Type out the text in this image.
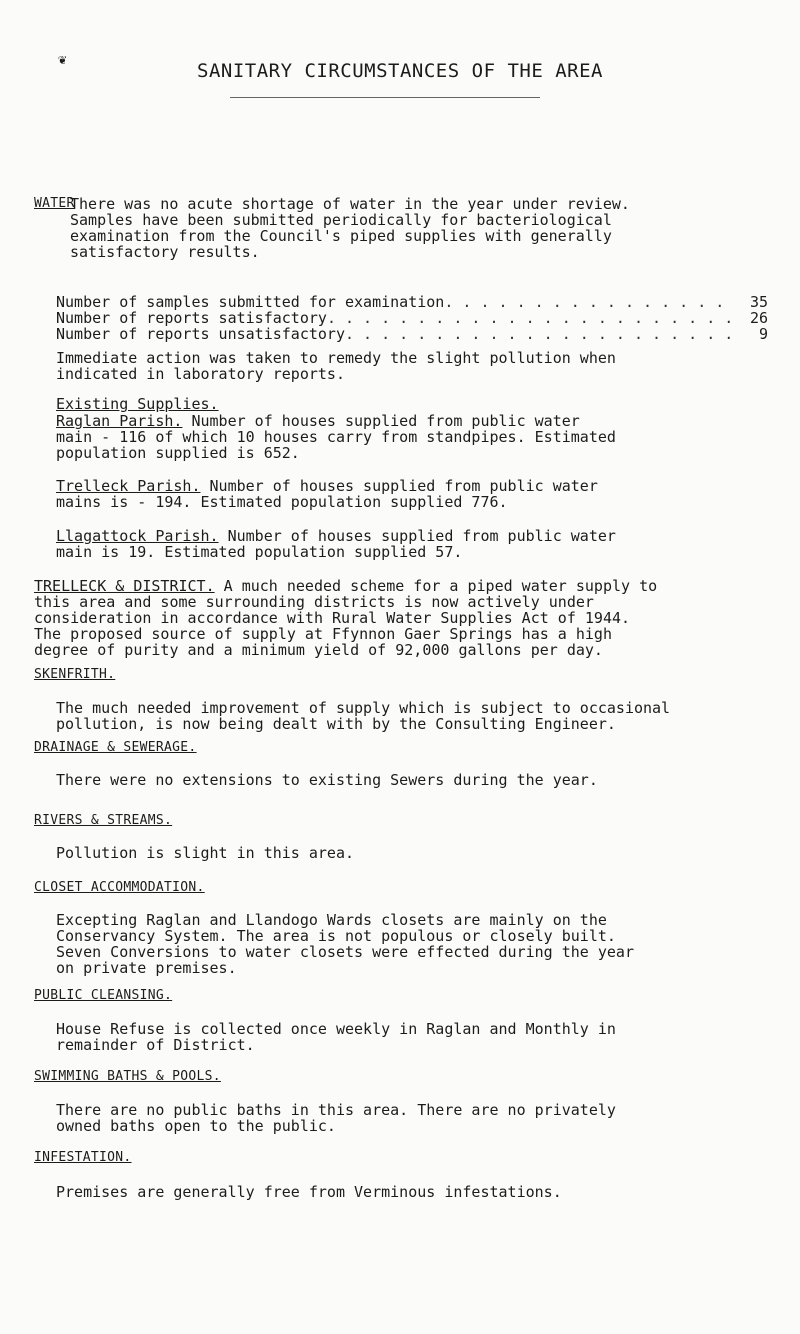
❦	SANITARY CIRCUMSTANCES OF THE AREA
WATER
There was no acute shortage of water in the year under review.
Samples have been submitted periodically for bacteriological
examination from the Council's piped supplies with generally
satisfactory results.
Number of samples submitted for examination . . .	35
Number of reports satisfactory . . .	26
Number of reports unsatisfactory . . .	9
Immediate action was taken to remedy the slight pollution when
indicated in laboratory reports.
Existing Supplies.
Raglan Parish. Number of houses supplied from public water
main - 116 of which 10 houses carry from standpipes. Estimated
population supplied is 652.
Trelleck Parish. Number of houses supplied from public water
mains is - 194. Estimated population supplied 776.
Llagattock Parish. Number of houses supplied from public water
main is 19. Estimated population supplied 57.
TRELLECK & DISTRICT. A much needed scheme for a piped water supply to
this area and some surrounding districts is now actively under
consideration in accordance with Rural Water Supplies Act of 1944.
The proposed source of supply at Ffynnon Gaer Springs has a high
degree of purity and a minimum yield of 92,000 gallons per day.
SKENFRITH.
The much needed improvement of supply which is subject to occasional
pollution, is now being dealt with by the Consulting Engineer.
DRAINAGE & SEWERAGE.
There were no extensions to existing Sewers during the year.
RIVERS & STREAMS.
Pollution is slight in this area.
CLOSET ACCOMMODATION.
Excepting Raglan and Llandogo Wards closets are mainly on the
Conservancy System. The area is not populous or closely built.
Seven Conversions to water closets were effected during the year
on private premises.
PUBLIC CLEANSING.
House Refuse is collected once weekly in Raglan and Monthly in
remainder of District.
SWIMMING BATHS & POOLS.
There are no public baths in this area. There are no privately
owned baths open to the public.
INFESTATION.
Premises are generally free from Verminous infestations.
